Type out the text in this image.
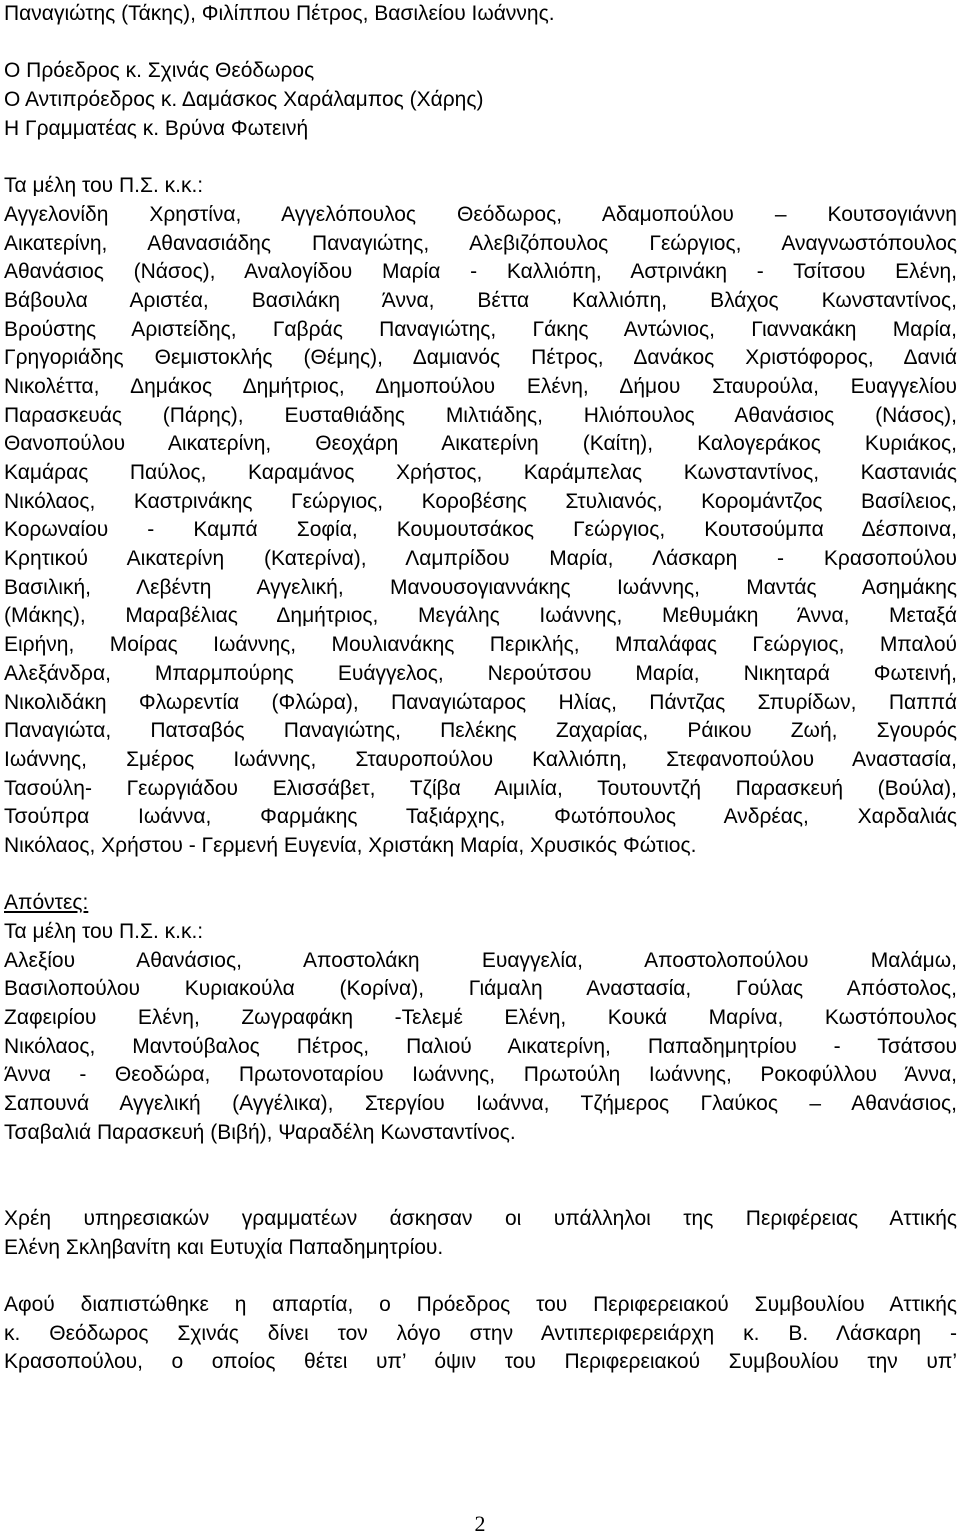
Παναγιώτης (Τάκης), Φιλίππου Πέτρος, Βασιλείου Ιωάννης.
Ο Πρόεδρος κ. Σχινάς Θεόδωρος
Ο Αντιπρόεδρος κ. Δαμάσκος Χαράλαμπος (Χάρης)
Η Γραμματέας κ. Βρύνα Φωτεινή
Τα μέλη του Π.Σ. κ.κ.:
Αγγελονίδη Χρηστίνα, Αγγελόπουλος Θεόδωρος, Αδαμοπούλου – Κουτσογιάννη
Αικατερίνη, Αθανασιάδης Παναγιώτης, Αλεβιζόπουλος Γεώργιος, Αναγνωστόπουλος
Αθανάσιος (Νάσος), Αναλογίδου Μαρία - Καλλιόπη, Αστρινάκη - Τσίτσου Ελένη,
Βάβουλα Αριστέα, Βασιλάκη Άννα, Βέττα Καλλιόπη, Βλάχος Κωνσταντίνος,
Βρούστης Αριστείδης, Γαβράς Παναγιώτης, Γάκης Αντώνιος, Γιαννακάκη Μαρία,
Γρηγοριάδης Θεμιστοκλής (Θέμης), Δαμιανός Πέτρος, Δανάκος Χριστόφορος, Δανιά
Νικολέττα, Δημάκος Δημήτριος, Δημοπούλου Ελένη, Δήμου Σταυρούλα, Ευαγγελίου
Παρασκευάς (Πάρης), Ευσταθιάδης Μιλτιάδης, Ηλιόπουλος Αθανάσιος (Νάσος),
Θανοπούλου Αικατερίνη, Θεοχάρη Αικατερίνη (Καίτη), Καλογεράκος Κυριάκος,
Καμάρας Παύλος, Καραμάνος Χρήστος, Καράμπελας Κωνσταντίνος, Καστανιάς
Νικόλαος, Καστρινάκης Γεώργιος, Κοροβέσης Στυλιανός, Κορομάντζος Βασίλειος,
Κορωναίου - Καμπά Σοφία, Κουμουτσάκος Γεώργιος, Κουτσούμπα Δέσποινα,
Κρητικού Αικατερίνη (Κατερίνα), Λαμπρίδου Μαρία, Λάσκαρη - Κρασοπούλου
Βασιλική, Λεβέντη Αγγελική, Μανουσογιαννάκης Ιωάννης, Μαντάς Ασημάκης
(Μάκης), Μαραβέλιας Δημήτριος, Μεγάλης Ιωάννης, Μεθυμάκη Άννα, Μεταξά
Ειρήνη, Μοίρας Ιωάννης, Μουλιανάκης Περικλής, Μπαλάφας Γεώργιος, Μπαλού
Αλεξάνδρα, Μπαρμπούρης Ευάγγελος, Νερούτσου Μαρία, Νικηταρά Φωτεινή,
Νικολιδάκη Φλωρεντία (Φλώρα), Παναγιώταρος Ηλίας, Πάντζας Σπυρίδων, Παππά
Παναγιώτα, Πατσαβός Παναγιώτης, Πελέκης Ζαχαρίας, Ράικου Ζωή, Σγουρός
Ιωάννης, Σμέρος Ιωάννης, Σταυροπούλου Καλλιόπη, Στεφανοπούλου Αναστασία,
Τασούλη- Γεωργιάδου Ελισσάβετ, Τζίβα Αιμιλία, Τουτουντζή Παρασκευή (Βούλα),
Τσούπρα Ιωάννα, Φαρμάκης Ταξιάρχης, Φωτόπουλος Ανδρέας, Χαρδαλιάς
Νικόλαος, Χρήστου - Γερμενή Ευγενία, Χριστάκη Μαρία, Χρυσικός Φώτιος.
Απόντες:
Τα μέλη του Π.Σ. κ.κ.:
Αλεξίου Αθανάσιος, Αποστολάκη Ευαγγελία, Αποστολοπούλου Μαλάμω,
Βασιλοπούλου Κυριακούλα (Κορίνα), Γιάμαλη Αναστασία, Γούλας Απόστολος,
Ζαφειρίου Ελένη, Ζωγραφάκη -Τελεμέ Ελένη, Κουκά Μαρίνα, Κωστόπουλος
Νικόλαος, Μαντούβαλος Πέτρος, Παλιού Αικατερίνη, Παπαδημητρίου - Τσάτσου
Άννα - Θεοδώρα, Πρωτονοταρίου Ιωάννης, Πρωτούλη Ιωάννης, Ροκοφύλλου Άννα,
Σαπουνά Αγγελική (Αγγέλικα), Στεργίου Ιωάννα, Τζήμερος Γλαύκος – Αθανάσιος,
Τσαβαλιά Παρασκευή (Βιβή), Ψαραδέλη Κωνσταντίνος.
Χρέη υπηρεσιακών γραμματέων άσκησαν οι υπάλληλοι της Περιφέρειας Αττικής
Ελένη Σκληβανίτη και Ευτυχία Παπαδημητρίου.
Αφού διαπιστώθηκε η απαρτία, ο Πρόεδρος του Περιφερειακού Συμβουλίου Αττικής
κ. Θεόδωρος Σχινάς δίνει τον λόγο στην Αντιπεριφερειάρχη κ. Β. Λάσκαρη -
Κρασοπούλου, ο οποίος θέτει υπ’ όψιν του Περιφερειακού Συμβουλίου την υπ’
2
